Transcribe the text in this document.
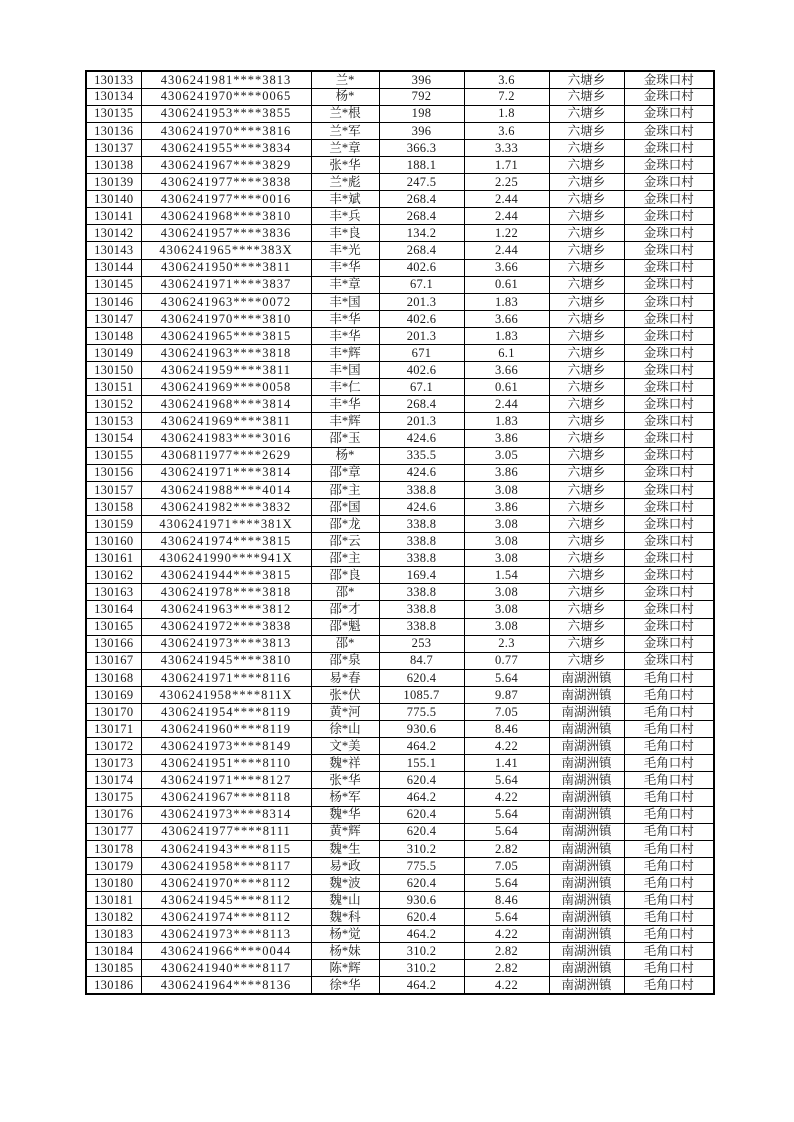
130133	4306241981****3813	兰*	396	3.6	六塘乡	金珠口村
130134	4306241970****0065	杨*	792	7.2	六塘乡	金珠口村
130135	4306241953****3855	兰*根	198	1.8	六塘乡	金珠口村
130136	4306241970****3816	兰*军	396	3.6	六塘乡	金珠口村
130137	4306241955****3834	兰*章	366.3	3.33	六塘乡	金珠口村
130138	4306241967****3829	张*华	188.1	1.71	六塘乡	金珠口村
130139	4306241977****3838	兰*彪	247.5	2.25	六塘乡	金珠口村
130140	4306241977****0016	丰*斌	268.4	2.44	六塘乡	金珠口村
130141	4306241968****3810	丰*兵	268.4	2.44	六塘乡	金珠口村
130142	4306241957****3836	丰*良	134.2	1.22	六塘乡	金珠口村
130143	4306241965****383X	丰*光	268.4	2.44	六塘乡	金珠口村
130144	4306241950****3811	丰*华	402.6	3.66	六塘乡	金珠口村
130145	4306241971****3837	丰*章	67.1	0.61	六塘乡	金珠口村
130146	4306241963****0072	丰*国	201.3	1.83	六塘乡	金珠口村
130147	4306241970****3810	丰*华	402.6	3.66	六塘乡	金珠口村
130148	4306241965****3815	丰*华	201.3	1.83	六塘乡	金珠口村
130149	4306241963****3818	丰*辉	671	6.1	六塘乡	金珠口村
130150	4306241959****3811	丰*国	402.6	3.66	六塘乡	金珠口村
130151	4306241969****0058	丰*仁	67.1	0.61	六塘乡	金珠口村
130152	4306241968****3814	丰*华	268.4	2.44	六塘乡	金珠口村
130153	4306241969****3811	丰*辉	201.3	1.83	六塘乡	金珠口村
130154	4306241983****3016	邵*玉	424.6	3.86	六塘乡	金珠口村
130155	4306811977****2629	杨*	335.5	3.05	六塘乡	金珠口村
130156	4306241971****3814	邵*章	424.6	3.86	六塘乡	金珠口村
130157	4306241988****4014	邵*主	338.8	3.08	六塘乡	金珠口村
130158	4306241982****3832	邵*国	424.6	3.86	六塘乡	金珠口村
130159	4306241971****381X	邵*龙	338.8	3.08	六塘乡	金珠口村
130160	4306241974****3815	邵*云	338.8	3.08	六塘乡	金珠口村
130161	4306241990****941X	邵*主	338.8	3.08	六塘乡	金珠口村
130162	4306241944****3815	邵*良	169.4	1.54	六塘乡	金珠口村
130163	4306241978****3818	邵*	338.8	3.08	六塘乡	金珠口村
130164	4306241963****3812	邵*才	338.8	3.08	六塘乡	金珠口村
130165	4306241972****3838	邵*魁	338.8	3.08	六塘乡	金珠口村
130166	4306241973****3813	邵*	253	2.3	六塘乡	金珠口村
130167	4306241945****3810	邵*泉	84.7	0.77	六塘乡	金珠口村
130168	4306241971****8116	易*春	620.4	5.64	南湖洲镇	毛角口村
130169	4306241958****811X	张*伏	1085.7	9.87	南湖洲镇	毛角口村
130170	4306241954****8119	黄*河	775.5	7.05	南湖洲镇	毛角口村
130171	4306241960****8119	徐*山	930.6	8.46	南湖洲镇	毛角口村
130172	4306241973****8149	文*美	464.2	4.22	南湖洲镇	毛角口村
130173	4306241951****8110	魏*祥	155.1	1.41	南湖洲镇	毛角口村
130174	4306241971****8127	张*华	620.4	5.64	南湖洲镇	毛角口村
130175	4306241967****8118	杨*军	464.2	4.22	南湖洲镇	毛角口村
130176	4306241973****8314	魏*华	620.4	5.64	南湖洲镇	毛角口村
130177	4306241977****8111	黄*辉	620.4	5.64	南湖洲镇	毛角口村
130178	4306241943****8115	魏*生	310.2	2.82	南湖洲镇	毛角口村
130179	4306241958****8117	易*政	775.5	7.05	南湖洲镇	毛角口村
130180	4306241970****8112	魏*波	620.4	5.64	南湖洲镇	毛角口村
130181	4306241945****8112	魏*山	930.6	8.46	南湖洲镇	毛角口村
130182	4306241974****8112	魏*科	620.4	5.64	南湖洲镇	毛角口村
130183	4306241973****8113	杨*觉	464.2	4.22	南湖洲镇	毛角口村
130184	4306241966****0044	杨*妹	310.2	2.82	南湖洲镇	毛角口村
130185	4306241940****8117	陈*辉	310.2	2.82	南湖洲镇	毛角口村
130186	4306241964****8136	徐*华	464.2	4.22	南湖洲镇	毛角口村
